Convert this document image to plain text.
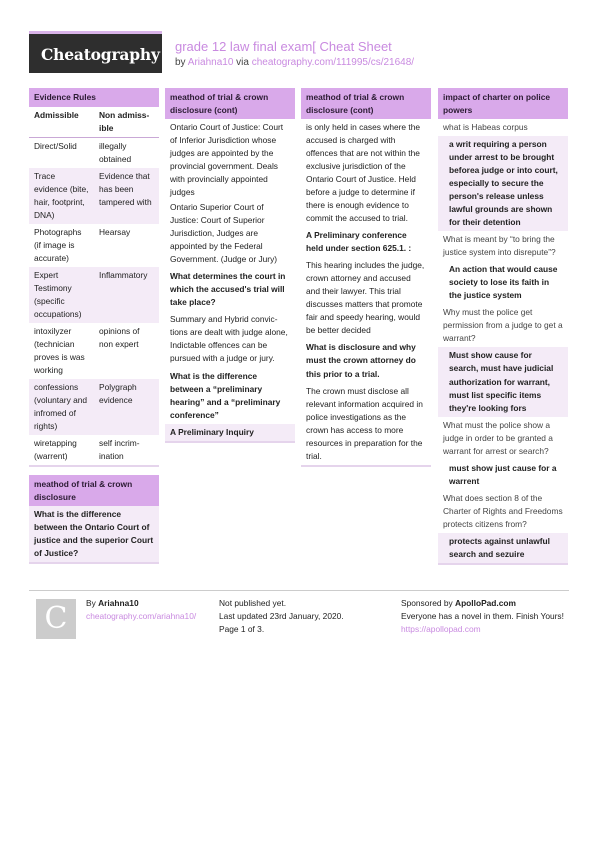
Cheatography grade 12 law final exam[ Cheat Sheet
by Ariahna10 via cheatography.com/111995/cs/21648/
Evidence Rules
Admissible	Non admiss-ible
Direct/Solid	illegally obtained
Trace evidence (bite, hair, footprint, DNA)	Evidence that has been tampered with
Photographs (if image is accurate)	Hearsay
Expert Testimony (specific occupations)	Inflammatory
intoxilyzer (technician proves is was working	opinions of non expert
confessions (voluntary and infromed of rights)	Polygraph evidence
wiretapping (warrent)	self incrim-ination
meathod of trial & crown disclosure
What is the difference between the Ontario Court of justice and the superior Court of Justice?
meathod of trial & crown disclosure (cont)
Ontario Court of Justice: Court of Inferior Jurisdiction whose judges are appointed by the provincial government. Deals with provincially appointed judges
Ontario Superior Court of Justice: Court of Superior Jurisdiction, Judges are appointed by the Federal Government. (Judge or Jury)
What determines the court in which the accused's trial will take place?
Summary and Hybrid convic-tions are dealt with judge alone, Indictable offences can be pursued with a judge or jury.
What is the difference between a “preliminary hearing” and a “preliminary conference”
A Preliminary Inquiry
meathod of trial & crown disclosure (cont)
is only held in cases where the accused is charged with offences that are not within the exclusive jurisdiction of the Ontario Court of Justice. Held before a judge to determine if there is enough evidence to commit the accused to trial.
A Preliminary conference held under section 625.1. :
This hearing includes the judge, crown attorney and accused and their lawyer. This trial discusses matters that promote fair and speedy hearing, would be better decided
What is disclosure and why must the crown attorney do this prior to a trial.
The crown must disclose all relevant information acquired in police investigations as the crown has access to more resources in preparation for the trial.
impact of charter on police powers
what is Habeas corpus
a writ requiring a person under arrest to be brought beforea judge or into court, especially to secure the person's release unless lawful grounds are shown for their detention
What is meant by “to bring the justice system into disrepute”?
An action that would cause society to lose its faith in the justice system
Why must the police get permission from a judge to get a warrant?
Must show cause for search, must have judicial authorization for warrant, must list specific items they're looking fors
What must the police show a judge in order to be granted a warrant for arrest or search?
must show just cause for a warrent
What does section 8 of the Charter of Rights and Freedoms protects citizens from?
protects against unlawful search and sezuire
C	By Ariahna10
cheatography.com/ariahna10/
Not published yet.
Last updated 23rd January, 2020.
Page 1 of 3.
Sponsored by ApolloPad.com
Everyone has a novel in them. Finish Yours!
https://apollopad.com
